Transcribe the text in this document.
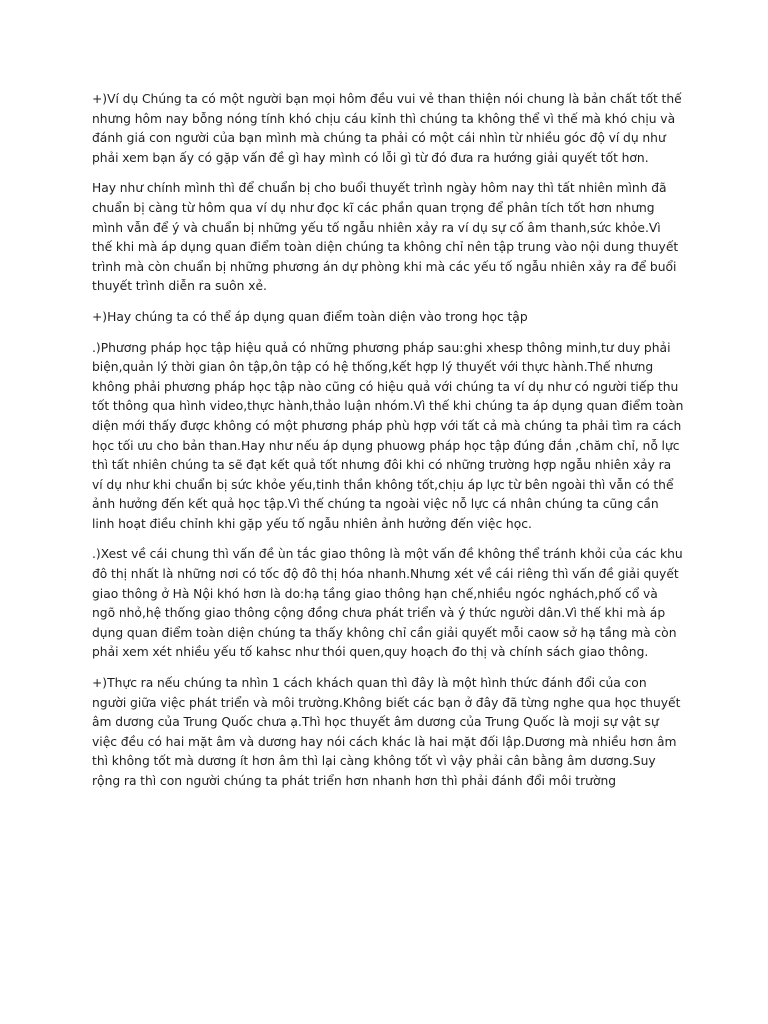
+)Ví dụ Chúng ta có một người bạn mọi hôm đều vui vẻ than thiện nói chung là bản chất tốt thế nhưng hôm nay bỗng nóng tính khó chịu cáu kỉnh thì chúng ta không thể vì thế mà khó chịu và đánh giá con người của bạn mình mà chúng ta phải có một cái nhìn từ nhiều góc độ ví dụ như phải xem bạn ấy có gặp vấn đề gì hay mình có lỗi gì từ đó đưa ra hướng giải quyết tốt hơn.

Hay như chính mình thì để chuẩn bị cho buổi thuyết trình ngày hôm nay thì tất nhiên mình đã chuẩn bị càng từ hôm qua ví dụ như đọc kĩ các phần quan trọng để phân tích tốt hơn nhưng mình vẫn để ý và chuẩn bị những yếu tố ngẫu nhiên xảy ra ví dụ sự cố âm thanh,sức khỏe.Vì thế khi mà áp dụng quan điểm toàn diện chúng ta không chỉ nên tập trung vào nội dung thuyết trình mà còn chuẩn bị những phương án dự phòng khi mà các yếu tố ngẫu nhiên xảy ra để buổi thuyết trình diễn ra suôn xẻ.

+)Hay chúng ta có thể áp dụng quan điểm toàn diện vào trong học tập

.)Phương pháp học tập hiệu quả có những phương pháp sau:ghi xhesp thông minh,tư duy phải biện,quản lý thời gian ôn tập,ôn tập có hệ thống,kết hợp lý thuyết với thực hành.Thế nhưng không phải phương pháp học tập nào cũng có hiệu quả với chúng ta ví dụ như có người tiếp thu tốt thông qua hình video,thực hành,thảo luận nhóm.Vì thế khi chúng ta áp dụng quan điểm toàn diện mới thấy được không có một phương pháp phù hợp với tất cả mà chúng ta phải tìm ra cách học tối ưu cho bản than.Hay như nếu áp dụng phuowg pháp học tập đúng đắn ,chăm chỉ, nỗ lực thì tất nhiên chúng ta sẽ đạt kết quả tốt nhưng đôi khi có những trường hợp ngẫu nhiên xảy ra ví dụ như khi chuẩn bị sức khỏe yếu,tinh thần không tốt,chịu áp lực từ bên ngoài thì vẫn có thể ảnh hưởng đến kết quả học tập.Vì thế chúng ta ngoài việc nỗ lực cá nhân chúng ta cũng cần linh hoạt điều chỉnh khi gặp yếu tố ngẫu nhiên ảnh hưởng đến việc học.

.)Xest về cái chung thì vấn đề ùn tắc giao thông là một vấn đề không thể tránh khỏi của các khu đô thị nhất là những nơi có tốc độ đô thị hóa nhanh.Nhưng xét về cái riêng thì vấn đề giải quyết giao thông ở Hà Nội khó hơn là do:hạ tầng giao thông hạn chế,nhiều ngóc nghách,phố cổ và ngõ nhỏ,hệ thống giao thông cộng đồng chưa phát triển và ý thức người dân.Vì thế khi mà áp dụng quan điểm toàn diện chúng ta thấy không chỉ cần giải quyết mỗi caow sở hạ tầng mà còn phải xem xét nhiều yếu tố kahsc như thói quen,quy hoạch đo thị và chính sách giao thông.

+)Thực ra nếu chúng ta nhìn 1 cách khách quan thì đây là một hình thức đánh đổi của con người giữa việc phát triển và môi trường.Không biết các bạn ở đây đã từng nghe qua học thuyết âm dương của Trung Quốc chưa ạ.Thì học thuyết âm dương của Trung Quốc là moji sự vật sự việc đều có hai mặt âm và dương hay nói cách khác là hai mặt đối lập.Dương mà nhiều hơn âm thì không tốt mà dương ít hơn âm thì lại càng không tốt vì vậy phải cân bằng âm dương.Suy rộng ra thì con người chúng ta phát triển hơn nhanh hơn thì phải đánh đổi môi trường
